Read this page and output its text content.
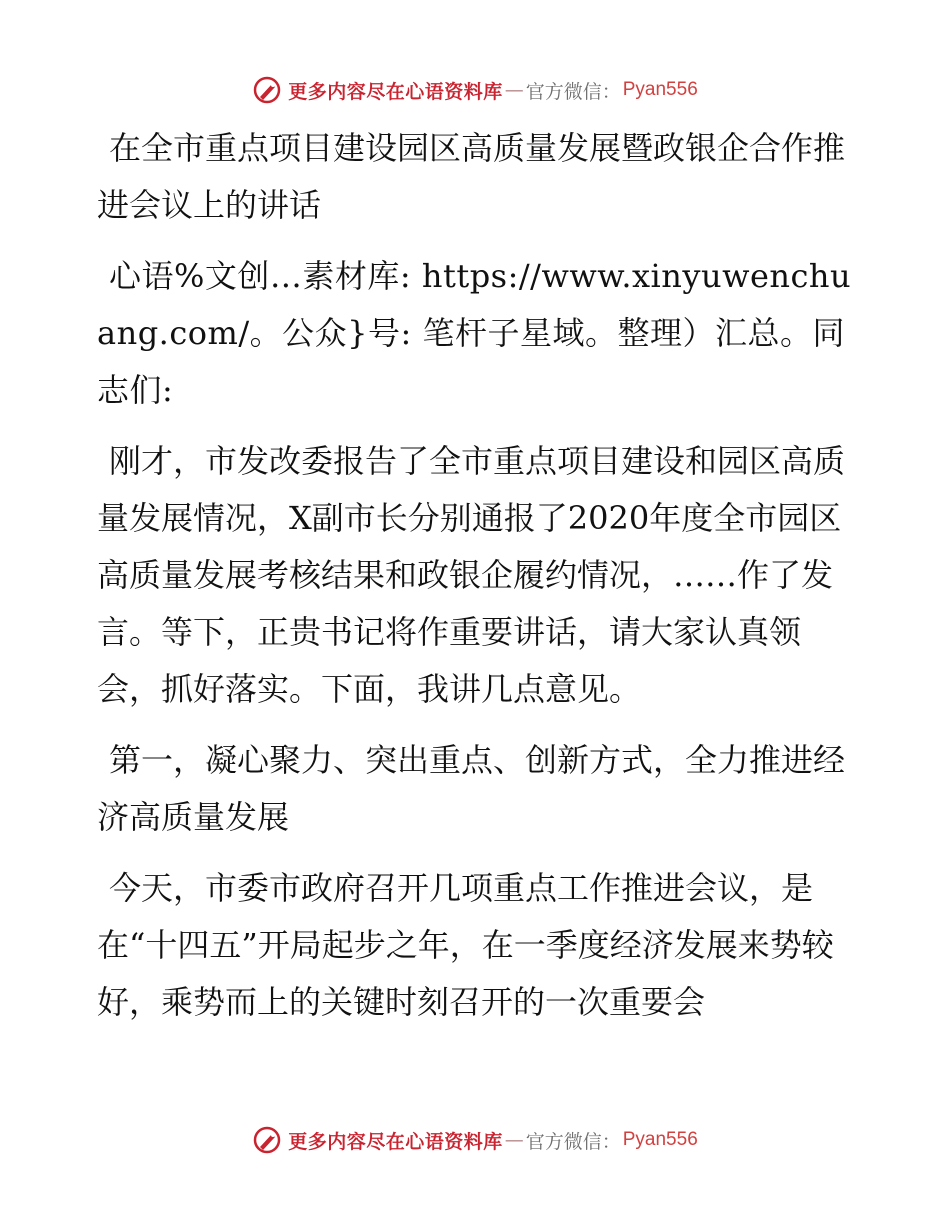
更多内容尽在心语资料库 — 官方微信： Pyan556

在全市重点项目建设园区高质量发展暨政银企合作推进会议上的讲话

心语%文创…素材库: https://www.xinyuwenchuang.com/。公众}号: 笔杆子星域。整理）汇总。同志们:

刚才，市发改委报告了全市重点项目建设和园区高质量发展情况，X副市长分别通报了2020年度全市园区高质量发展考核结果和政银企履约情况，……作了发言。等下，正贵书记将作重要讲话，请大家认真领会，抓好落实。下面，我讲几点意见。

第一，凝心聚力、突出重点、创新方式，全力推进经济高质量发展

今天，市委市政府召开几项重点工作推进会议，是在“十四五”开局起步之年，在一季度经济发展来势较好，乘势而上的关键时刻召开的一次重要会

更多内容尽在心语资料库 — 官方微信： Pyan556
